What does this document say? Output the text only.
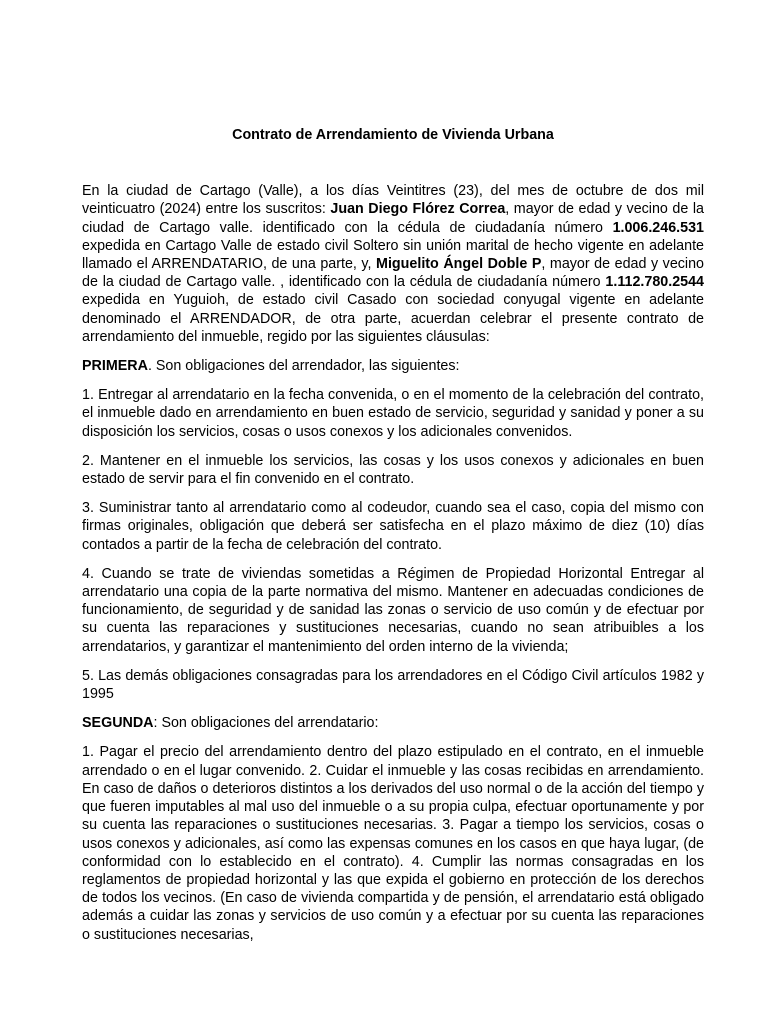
Contrato de Arrendamiento de Vivienda Urbana

En la ciudad de Cartago (Valle), a los días Veintitres (23), del mes de octubre de dos mil veinticuatro (2024) entre los suscritos: Juan Diego Flórez Correa, mayor de edad y vecino de la ciudad de Cartago valle. identificado con la cédula de ciudadanía número 1.006.246.531 expedida en Cartago Valle de estado civil Soltero sin unión marital de hecho vigente en adelante llamado el ARRENDATARIO, de una parte, y, Miguelito Ángel Doble P, mayor de edad y vecino de la ciudad de Cartago valle. , identificado con la cédula de ciudadanía número 1.112.780.2544 expedida en Yuguioh, de estado civil Casado con sociedad conyugal vigente en adelante denominado el ARRENDADOR, de otra parte, acuerdan celebrar el presente contrato de arrendamiento del inmueble, regido por las siguientes cláusulas:

PRIMERA. Son obligaciones del arrendador, las siguientes:

1. Entregar al arrendatario en la fecha convenida, o en el momento de la celebración del contrato, el inmueble dado en arrendamiento en buen estado de servicio, seguridad y sanidad y poner a su disposición los servicios, cosas o usos conexos y los adicionales convenidos.

2. Mantener en el inmueble los servicios, las cosas y los usos conexos y adicionales en buen estado de servir para el fin convenido en el contrato.

3. Suministrar tanto al arrendatario como al codeudor, cuando sea el caso, copia del mismo con firmas originales, obligación que deberá ser satisfecha en el plazo máximo de diez (10) días contados a partir de la fecha de celebración del contrato.

4. Cuando se trate de viviendas sometidas a Régimen de Propiedad Horizontal Entregar al arrendatario una copia de la parte normativa del mismo. Mantener en adecuadas condiciones de funcionamiento, de seguridad y de sanidad las zonas o servicio de uso común y de efectuar por su cuenta las reparaciones y sustituciones necesarias, cuando no sean atribuibles a los arrendatarios, y garantizar el mantenimiento del orden interno de la vivienda;

5. Las demás obligaciones consagradas para los arrendadores en el Código Civil artículos 1982 y 1995

SEGUNDA: Son obligaciones del arrendatario:

1. Pagar el precio del arrendamiento dentro del plazo estipulado en el contrato, en el inmueble arrendado o en el lugar convenido. 2. Cuidar el inmueble y las cosas recibidas en arrendamiento. En caso de daños o deterioros distintos a los derivados del uso normal o de la acción del tiempo y que fueren imputables al mal uso del inmueble o a su propia culpa, efectuar oportunamente y por su cuenta las reparaciones o sustituciones necesarias. 3. Pagar a tiempo los servicios, cosas o usos conexos y adicionales, así como las expensas comunes en los casos en que haya lugar, (de conformidad con lo establecido en el contrato). 4. Cumplir las normas consagradas en los reglamentos de propiedad horizontal y las que expida el gobierno en protección de los derechos de todos los vecinos. (En caso de vivienda compartida y de pensión, el arrendatario está obligado además a cuidar las zonas y servicios de uso común y a efectuar por su cuenta las reparaciones o sustituciones necesarias,
